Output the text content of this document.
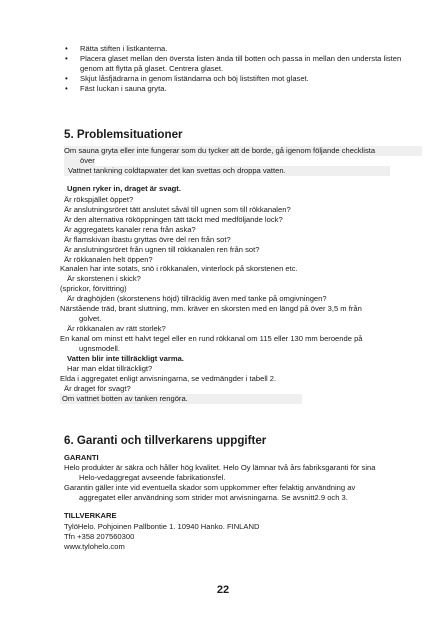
• Rätta stiften i listkanterna.
• Placera glaset mellan den översta listen ända till botten och passa in mellan den understa listen genom att flytta på glaset. Centrera glaset.
• Skjut låsfjädrarna in genom liständarna och böj liststiften mot glaset.
• Fäst luckan i sauna gryta.
5. Problemsituationer
Om sauna gryta eller inte fungerar som du tycker att de borde, gå igenom följande checklista
över
Vattnet tankning coldtapwater det kan svettas och droppa vatten.
Ugnen ryker in, draget är svagt.
Är rökspjället öppet?
Är anslutningsröret tätt anslutet såväl till ugnen som till rökkanalen?
Är den alternativa rököppningen tätt täckt med medföljande lock?
Är aggregatets kanaler rena från aska?
Är flamskivan ibastu gryttas övre del ren från sot?
Är anslutningsröret från ugnen till rökkanalen ren från sot?
Är rökkanalen helt öppen?
Kanalen har inte sotats, snö i rökkanalen, vinterlock på skorstenen etc.
Är skorstenen i skick?
(sprickor, förvittring)
Är draghöjden (skorstenens höjd) tillräcklig även med tanke på omgivningen?
Närstående träd, brant sluttning, mm. kräver en skorsten med en längd på över 3,5 m från
golvet.
Är rökkanalen av rätt storlek?
En kanal om minst ett halvt tegel eller en rund rökkanal om 115 eller 130 mm beroende på
ugnsmodell.
Vatten blir inte tillräckligt varma.
Har man eldat tillräckligt?
Elda i aggregatet enligt anvisningarna, se vedmängder i tabell 2.
Är draget för svagt?
Om vattnet botten av tanken rengöra.
6. Garanti och tillverkarens uppgifter
GARANTI
Helo produkter är säkra och håller hög kvalitet. Helo Oy lämnar två års fabriksgaranti för sina
Helo-vedaggregat avseende fabrikationsfel.
Garantin gäller inte vid eventuella skador som uppkommer efter felaktig användning av
aggregatet eller användning som strider mot anvisningarna. Se avsnitt2.9 och 3.
TILLVERKARE
TylöHelo. Pohjoinen Pallbontie 1. 10940 Hanko. FINLAND
Tfn +358 207560300
www.tylohelo.com
22
